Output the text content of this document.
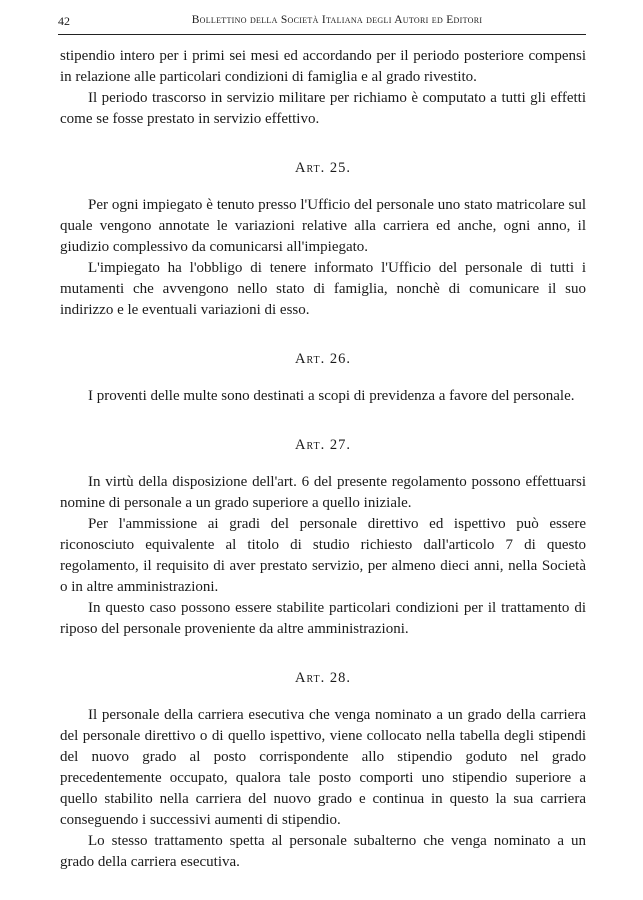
42	Bollettino della Società Italiana degli Autori ed Editori

stipendio intero per i primi sei mesi ed accordando per il periodo posteriore compensi in relazione alle particolari condizioni di famiglia e al grado rivestito.

Il periodo trascorso in servizio militare per richiamo è computato a tutti gli effetti come se fosse prestato in servizio effettivo.

Art. 25.

Per ogni impiegato è tenuto presso l'Ufficio del personale uno stato matricolare sul quale vengono annotate le variazioni relative alla carriera ed anche, ogni anno, il giudizio complessivo da comunicarsi all'impiegato.

L'impiegato ha l'obbligo di tenere informato l'Ufficio del personale di tutti i mutamenti che avvengono nello stato di famiglia, nonchè di comunicare il suo indirizzo e le eventuali variazioni di esso.

Art. 26.

I proventi delle multe sono destinati a scopi di previdenza a favore del personale.

Art. 27.

In virtù della disposizione dell'art. 6 del presente regolamento possono effettuarsi nomine di personale a un grado superiore a quello iniziale.

Per l'ammissione ai gradi del personale direttivo ed ispettivo può essere riconosciuto equivalente al titolo di studio richiesto dall'articolo 7 di questo regolamento, il requisito di aver prestato servizio, per almeno dieci anni, nella Società o in altre amministrazioni.

In questo caso possono essere stabilite particolari condizioni per il trattamento di riposo del personale proveniente da altre amministrazioni.

Art. 28.

Il personale della carriera esecutiva che venga nominato a un grado della carriera del personale direttivo o di quello ispettivo, viene collocato nella tabella degli stipendi del nuovo grado al posto corrispondente allo stipendio goduto nel grado precedentemente occupato, qualora tale posto comporti uno stipendio superiore a quello stabilito nella carriera del nuovo grado e continua in questo la sua carriera conseguendo i successivi aumenti di stipendio.

Lo stesso trattamento spetta al personale subalterno che venga nominato a un grado della carriera esecutiva.
